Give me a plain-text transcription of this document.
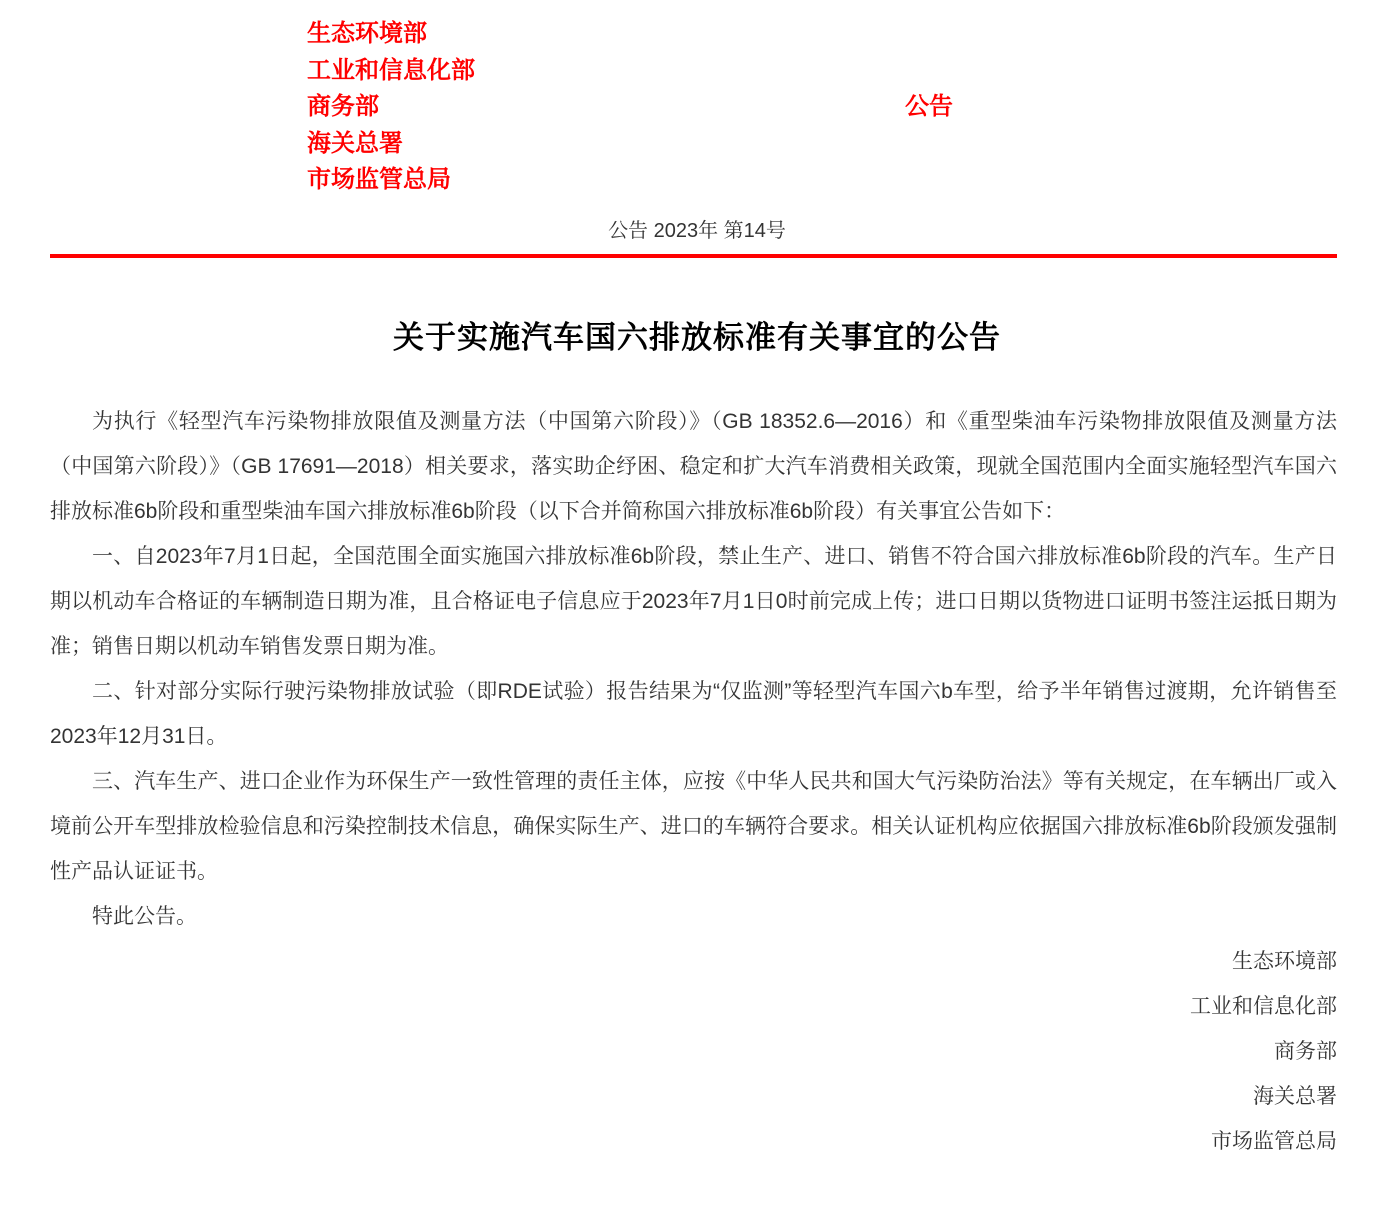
生态环境部
工业和信息化部
商务部
海关总署
市场监管总局
公告
公告 2023年 第14号
关于实施汽车国六排放标准有关事宜的公告

为执行《轻型汽车污染物排放限值及测量方法（中国第六阶段）》（GB 18352.6—2016）和《重型柴油车污染物排放限值及测量方法（中国第六阶段）》（GB 17691—2018）相关要求，落实助企纾困、稳定和扩大汽车消费相关政策，现就全国范围内全面实施轻型汽车国六排放标准6b阶段和重型柴油车国六排放标准6b阶段（以下合并简称国六排放标准6b阶段）有关事宜公告如下：

一、自2023年7月1日起，全国范围全面实施国六排放标准6b阶段，禁止生产、进口、销售不符合国六排放标准6b阶段的汽车。生产日期以机动车合格证的车辆制造日期为准，且合格证电子信息应于2023年7月1日0时前完成上传；进口日期以货物进口证明书签注运抵日期为准；销售日期以机动车销售发票日期为准。

二、针对部分实际行驶污染物排放试验（即RDE试验）报告结果为“仅监测”等轻型汽车国六b车型，给予半年销售过渡期，允许销售至2023年12月31日。

三、汽车生产、进口企业作为环保生产一致性管理的责任主体，应按《中华人民共和国大气污染防治法》等有关规定，在车辆出厂或入境前公开车型排放检验信息和污染控制技术信息，确保实际生产、进口的车辆符合要求。相关认证机构应依据国六排放标准6b阶段颁发强制性产品认证证书。

特此公告。

生态环境部
工业和信息化部
商务部
海关总署
市场监管总局
